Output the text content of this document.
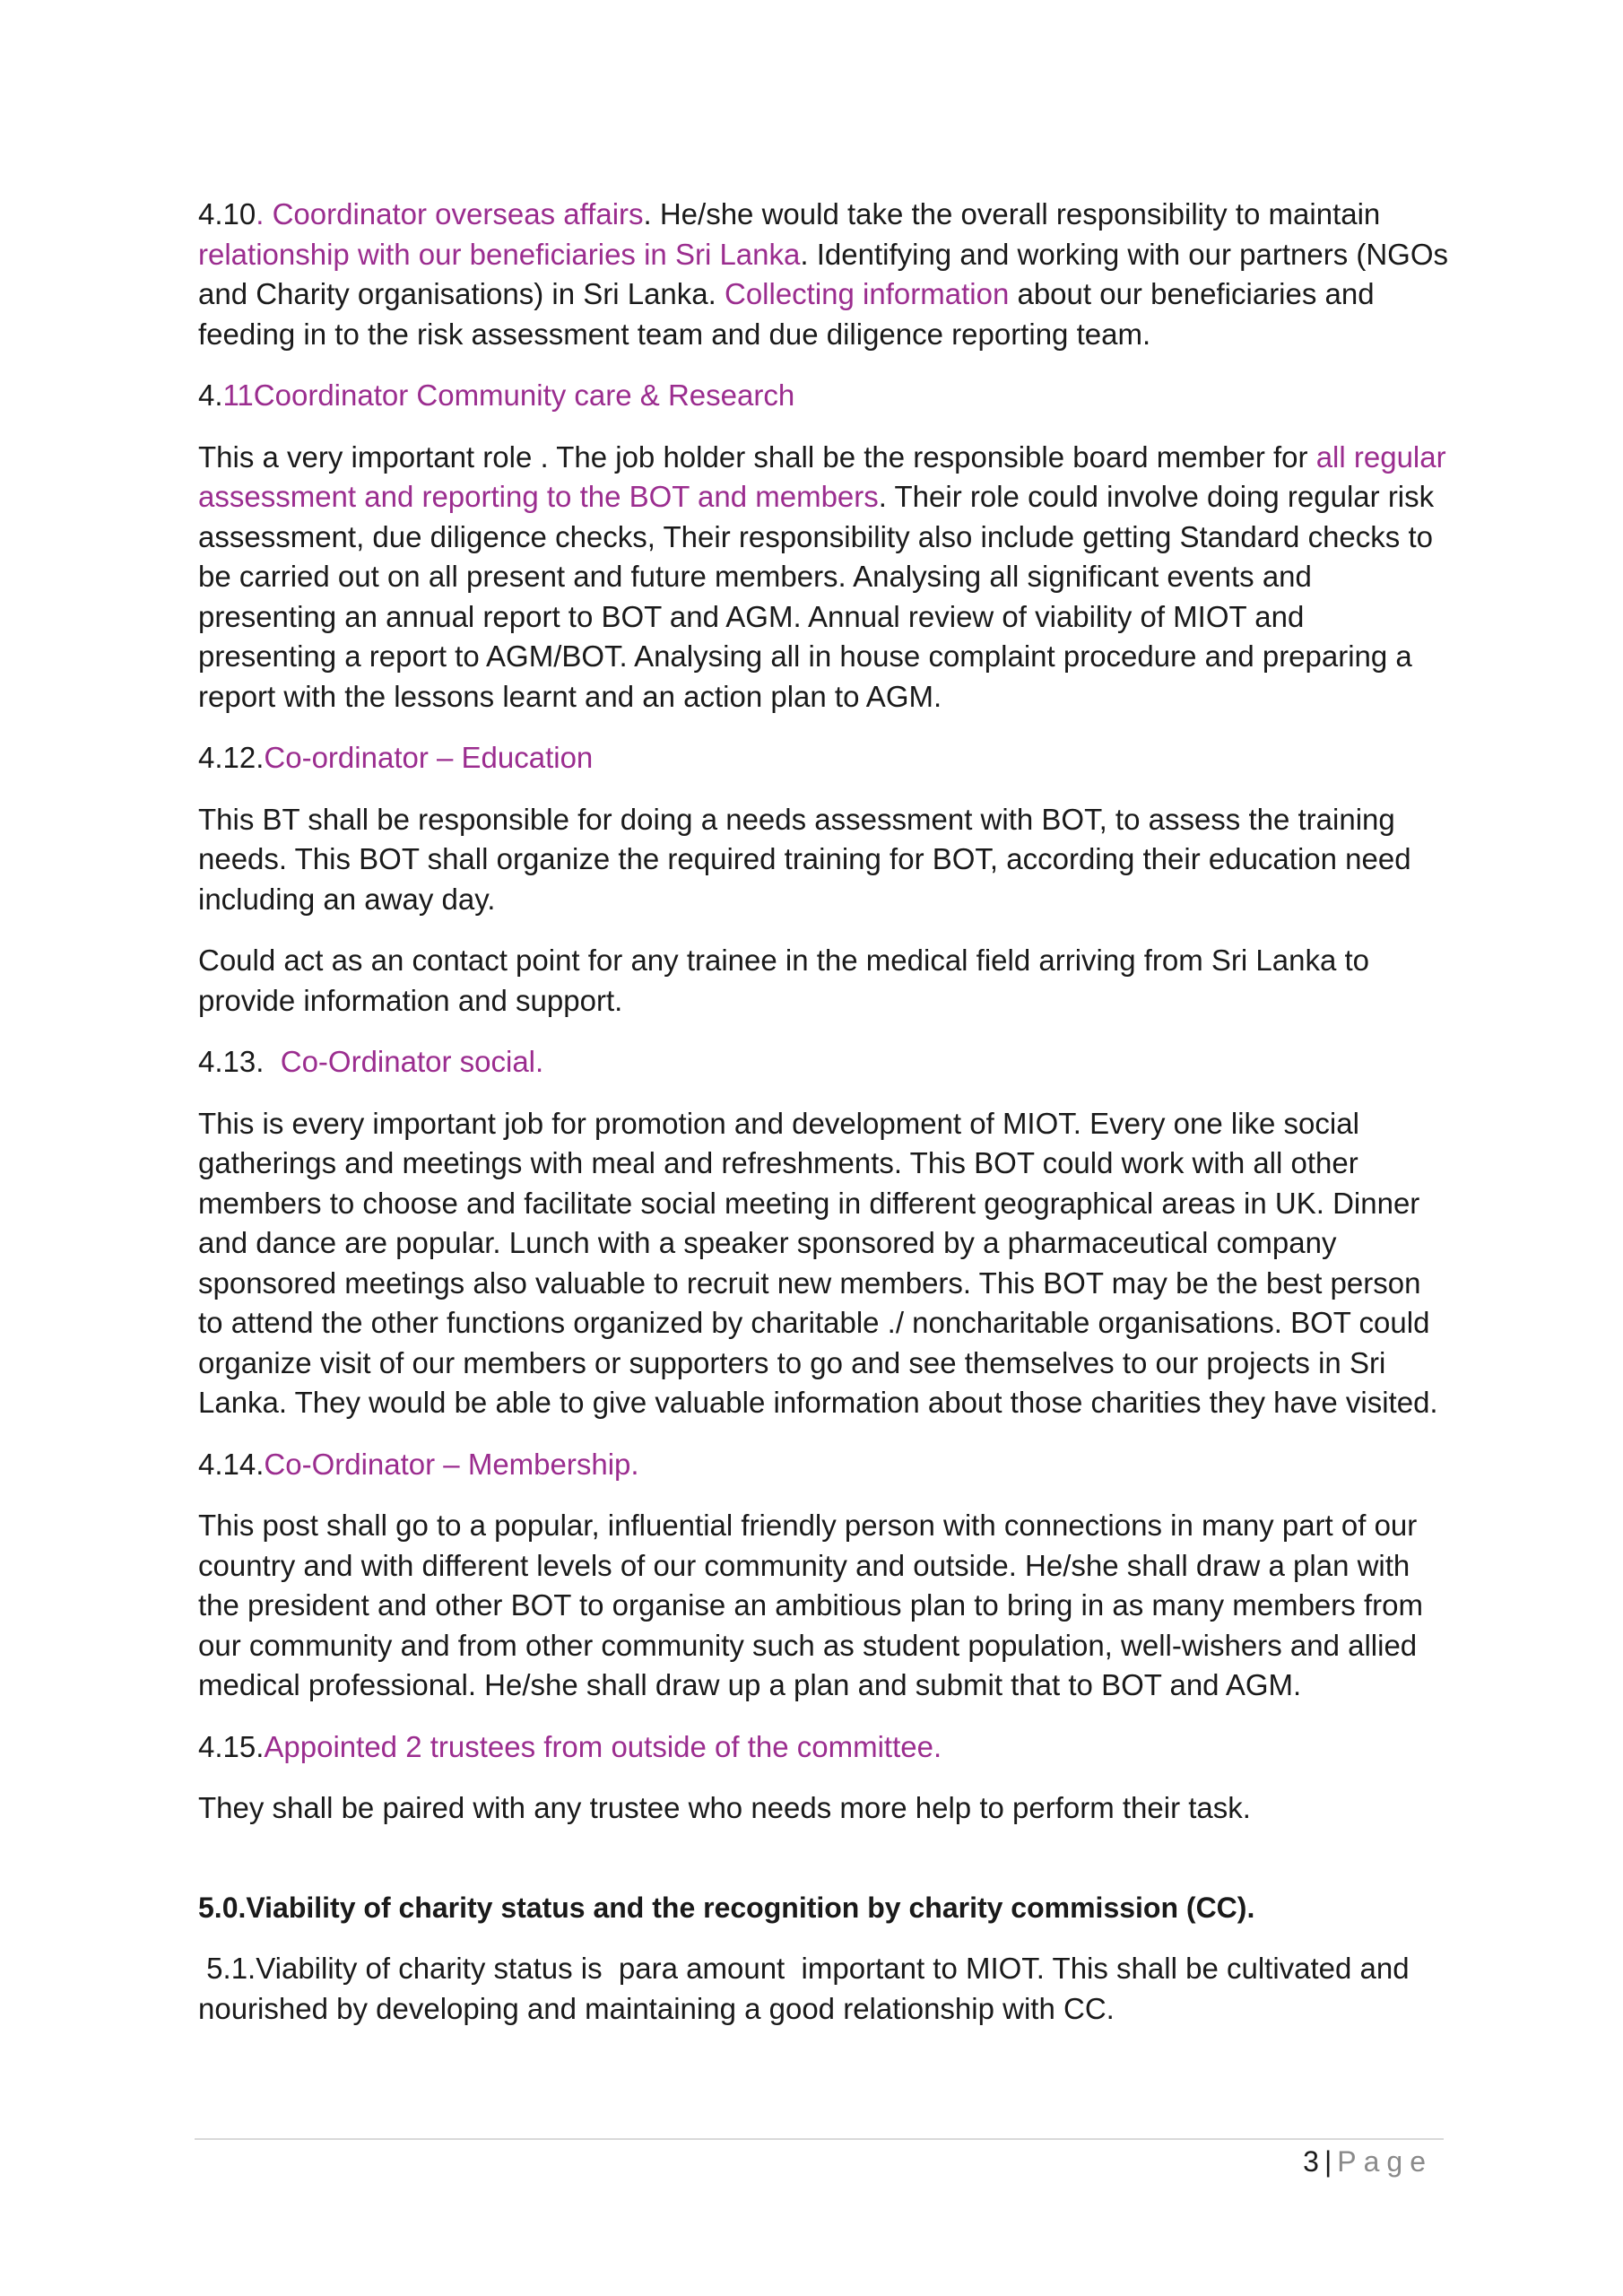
4.10. Coordinator overseas affairs. He/she would take the overall responsibility to maintain relationship with our beneficiaries in Sri Lanka. Identifying and working with our partners (NGOs and Charity organisations) in Sri Lanka. Collecting information about our beneficiaries and feeding in to the risk assessment team and due diligence reporting team.

4.11Coordinator Community care & Research

This a very important role . The job holder shall be the responsible board member for all regular assessment and reporting to the BOT and members. Their role could involve doing regular risk assessment, due diligence checks, Their responsibility also include getting Standard checks to be carried out on all present and future members. Analysing all significant events and presenting an annual report to BOT and AGM. Annual review of viability of MIOT and presenting a report to AGM/BOT. Analysing all in house complaint procedure and preparing a report with the lessons learnt and an action plan to AGM.

4.12.Co-ordinator – Education

This BT shall be responsible for doing a needs assessment with BOT, to assess the training needs. This BOT shall organize the required training for BOT, according their education need including an away day.

Could act as an contact point for any trainee in the medical field arriving from Sri Lanka to provide information and support.

4.13.  Co-Ordinator social.

This is every important job for promotion and development of MIOT. Every one like social gatherings and meetings with meal and refreshments. This BOT could work with all other members to choose and facilitate social meeting in different geographical areas in UK. Dinner and dance are popular. Lunch with a speaker sponsored by a pharmaceutical company sponsored meetings also valuable to recruit new members. This BOT may be the best person to attend the other functions organized by charitable ./ noncharitable organisations. BOT could organize visit of our members or supporters to go and see themselves to our projects in Sri Lanka. They would be able to give valuable information about those charities they have visited.

4.14.Co-Ordinator – Membership.

This post shall go to a popular, influential friendly person with connections in many part of our country and with different levels of our community and outside. He/she shall draw a plan with the president and other BOT to organise an ambitious plan to bring in as many members from our community and from other community such as student population, well-wishers and allied medical professional. He/she shall draw up a plan and submit that to BOT and AGM.

4.15.Appointed 2 trustees from outside of the committee.

They shall be paired with any trustee who needs more help to perform their task.

5.0.Viability of charity status and the recognition by charity commission (CC).

5.1.Viability of charity status is  para amount  important to MIOT. This shall be cultivated and nourished by developing and maintaining a good relationship with CC.

3 | Page
